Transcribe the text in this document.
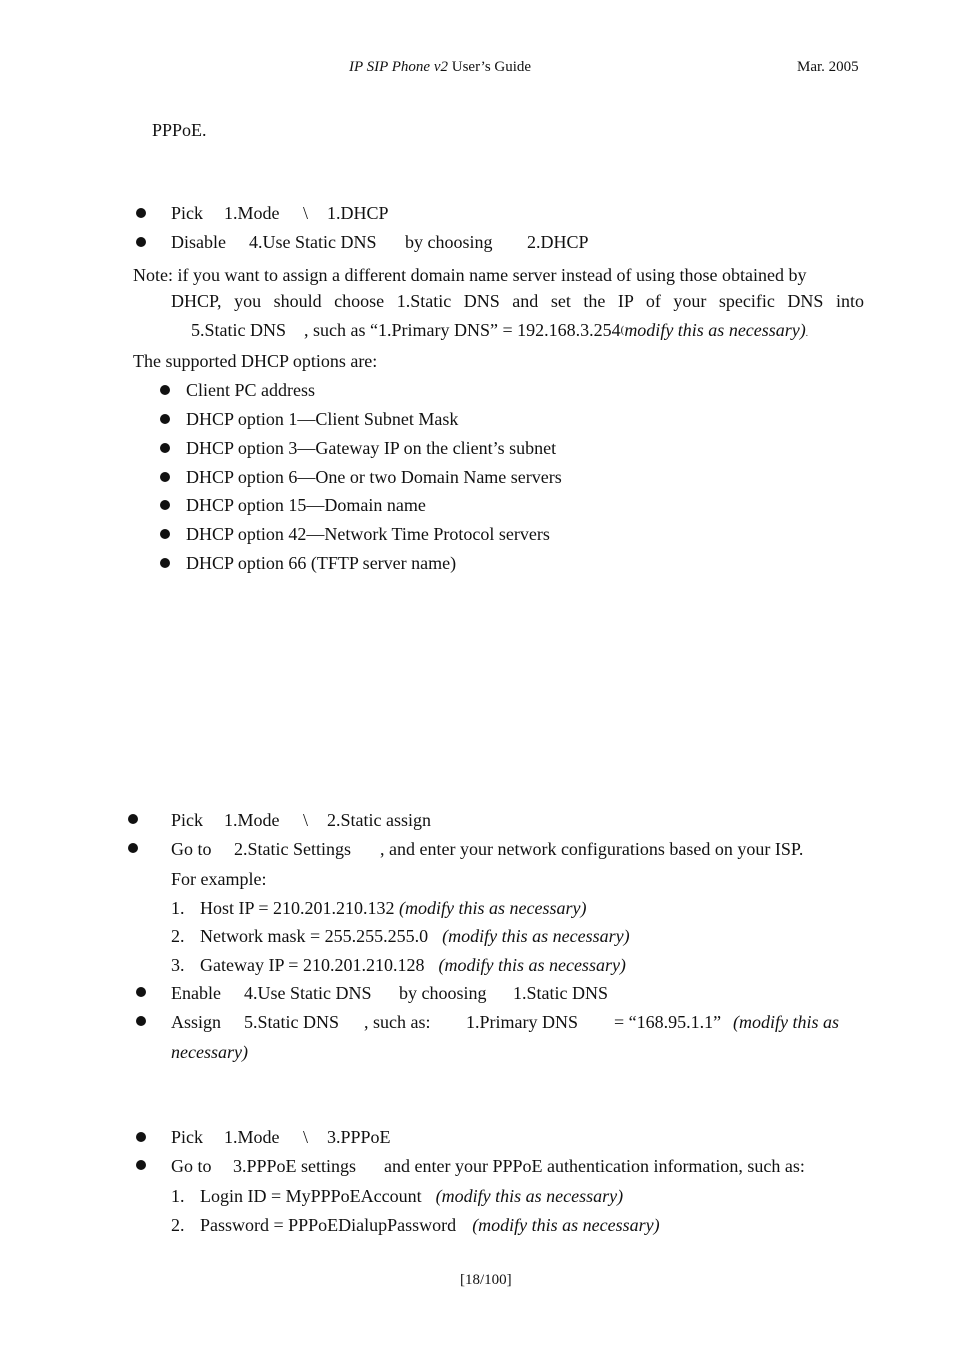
IP SIP Phone v2 User’s Guide	Mar. 2005
PPPoE.
Pick 1.Mode \ 1.DHCP
Disable 4.Use Static DNS by choosing 2.DHCP
Note: if you want to assign a different domain name server instead of using those obtained by
DHCP, you should choose 1.Static DNS and set the IP of your specific DNS into
5.Static DNS , such as “1.Primary DNS” = 192.168.3.254(modify this as necessary).
The supported DHCP options are:
Client PC address
DHCP option 1—Client Subnet Mask
DHCP option 3—Gateway IP on the client’s subnet
DHCP option 6—One or two Domain Name servers
DHCP option 15—Domain name
DHCP option 42—Network Time Protocol servers
DHCP option 66 (TFTP server name)
Pick 1.Mode \ 2.Static assign
Go to 2.Static Settings , and enter your network configurations based on your ISP.
For example:
1. Host IP = 210.201.210.132 (modify this as necessary)
2. Network mask = 255.255.255.0 (modify this as necessary)
3. Gateway IP = 210.201.210.128 (modify this as necessary)
Enable 4.Use Static DNS by choosing 1.Static DNS
Assign 5.Static DNS , such as: 1.Primary DNS = “168.95.1.1” (modify this as
necessary)
Pick 1.Mode \ 3.PPPoE
Go to 3.PPPoE settings and enter your PPPoE authentication information, such as:
1. Login ID = MyPPPoEAccount (modify this as necessary)
2. Password = PPPoEDialupPassword (modify this as necessary)
[18/100]
